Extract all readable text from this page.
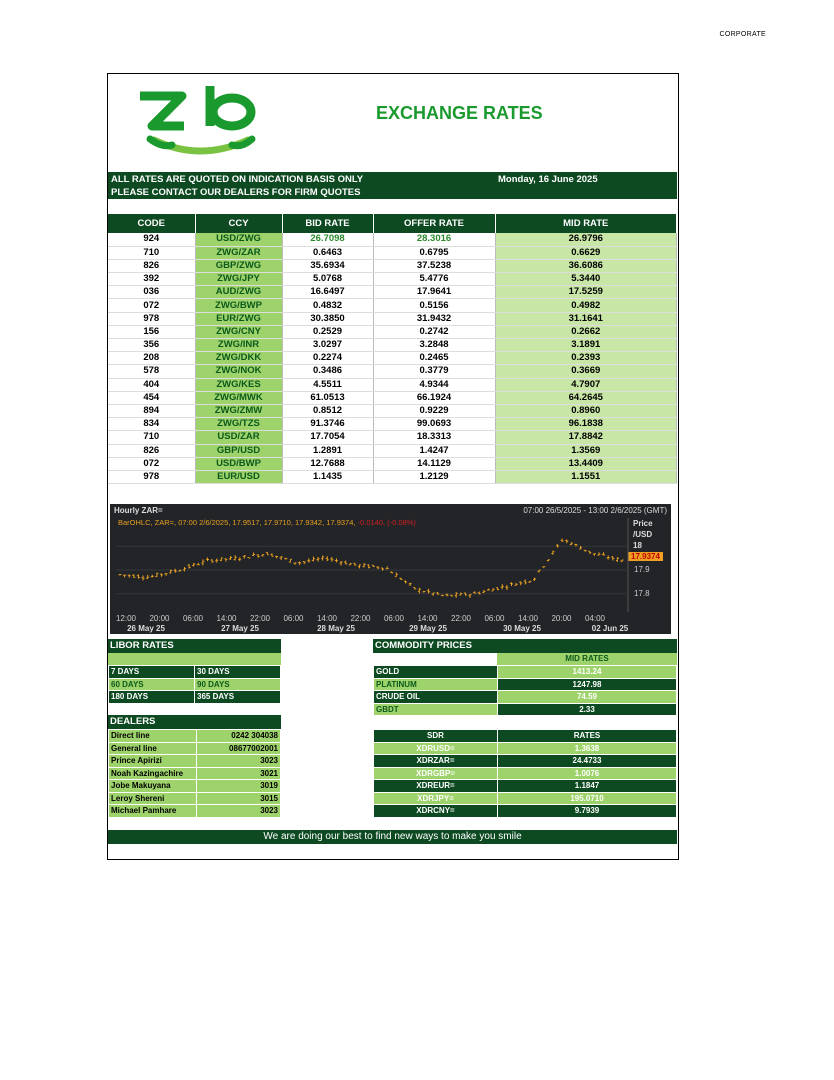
CORPORATE
EXCHANGE RATES
ALL RATES ARE QUOTED ON INDICATION BASIS ONLY
PLEASE CONTACT OUR DEALERS FOR FIRM QUOTES
Monday, 16 June 2025
CODE	CCY	BID RATE	OFFER RATE	MID RATE
924	USD/ZWG	26.7098	28.3016	26.9796
710	ZWG/ZAR	0.6463	0.6795	0.6629
826	GBP/ZWG	35.6934	37.5238	36.6086
392	ZWG/JPY	5.0768	5.4776	5.3440
036	AUD/ZWG	16.6497	17.9641	17.5259
072	ZWG/BWP	0.4832	0.5156	0.4982
978	EUR/ZWG	30.3850	31.9432	31.1641
156	ZWG/CNY	0.2529	0.2742	0.2662
356	ZWG/INR	3.0297	3.2848	3.1891
208	ZWG/DKK	0.2274	0.2465	0.2393
578	ZWG/NOK	0.3486	0.3779	0.3669
404	ZWG/KES	4.5511	4.9344	4.7907
454	ZWG/MWK	61.0513	66.1924	64.2645
894	ZWG/ZMW	0.8512	0.9229	0.8960
834	ZWG/TZS	91.3746	99.0693	96.1838
710	USD/ZAR	17.7054	18.3313	17.8842
826	GBP/USD	1.2891	1.4247	1.3569
072	USD/BWP	12.7688	14.1129	13.4409
978	EUR/USD	1.1435	1.2129	1.1551
Hourly ZAR=	07:00 26/5/2025 - 13:00 2/6/2025 (GMT)
BarOHLC, ZAR=, 07:00 2/6/2025, 17.9517, 17.9710, 17.9342, 17.9374, -0.0140, (-0.08%)	Price
/USD
18
17.9374
17.9
17.8
12:00 20:00 06:00 14:00 22:00 06:00 14:00 22:00 06:00 14:00 22:00 06:00 14:00 20:00 04:00
26 May 25	27 May 25	28 May 25	29 May 25	30 May 25	02 Jun 25
LIBOR RATES
7 DAYS	30 DAYS
60 DAYS	90 DAYS
180 DAYS	365 DAYS
COMMODITY PRICES
MID RATES
GOLD	1413.24
PLATINUM	1247.98
CRUDE OIL	74.59
GBDT	2.33
DEALERS
Direct line	0242 304038
General line	08677002001
Prince Apirizi	3023
Noah Kazingachire	3021
Jobe Makuyana	3019
Leroy Shereni	3015
Michael Pamhare	3023
SDR	RATES
XDRUSD=	1.3638
XDRZAR=	24.4733
XDRGBP=	1.0076
XDREUR=	1.1847
XDRJPY=	195.0710
XDRCNY=	9.7939
We are doing our best to find new ways to make you smile
